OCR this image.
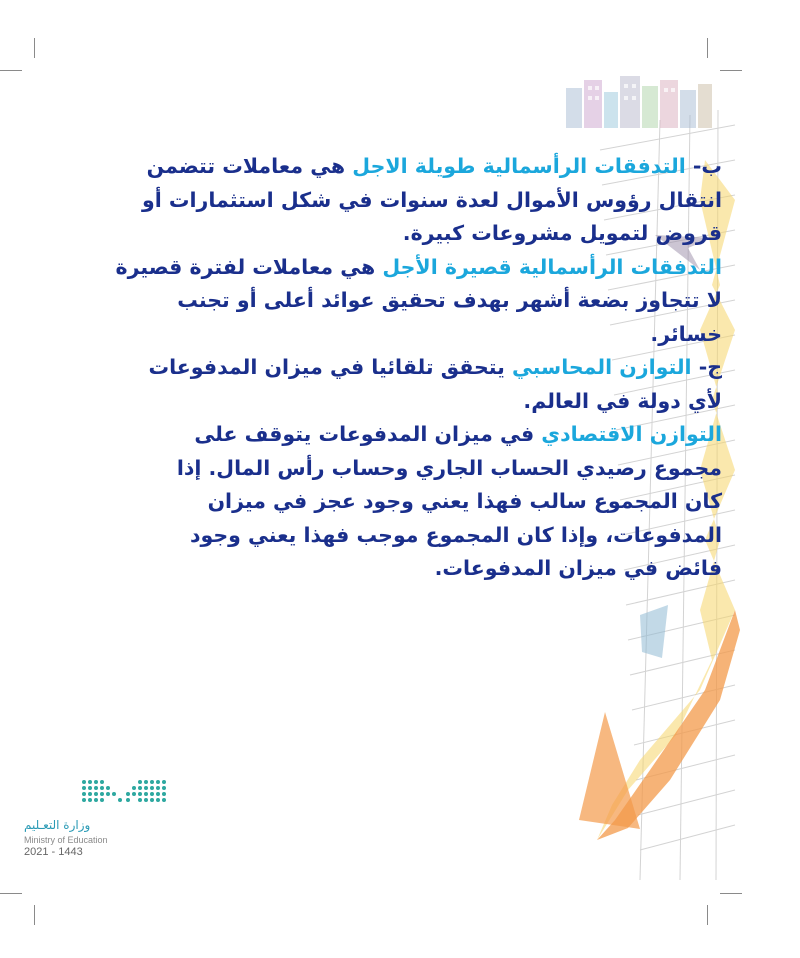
ب- التدفقات الرأسمالية طويلة الاجل هي معاملات تتضمن
انتقال رؤوس الأموال لعدة سنوات في شكل استثمارات أو
قروض لتمويل مشروعات كبيرة.
التدفقات الرأسمالية قصيرة الأجل هي معاملات لفترة قصيرة
لا تتجاوز بضعة أشهر بهدف تحقيق عوائد أعلى أو تجنب
خسائر.
ج- التوازن المحاسبي يتحقق تلقائيا في ميزان المدفوعات
لأي دولة في العالم.
التوازن الاقتصادي في ميزان المدفوعات يتوقف على
مجموع رصيدي الحساب الجاري وحساب رأس المال. إذا
كان المجموع سالب فهذا يعني وجود عجز في ميزان
المدفوعات، وإذا كان المجموع موجب فهذا يعني وجود
فائض في ميزان المدفوعات.
وزارة التعـليم
Ministry of Education
2021 - 1443
